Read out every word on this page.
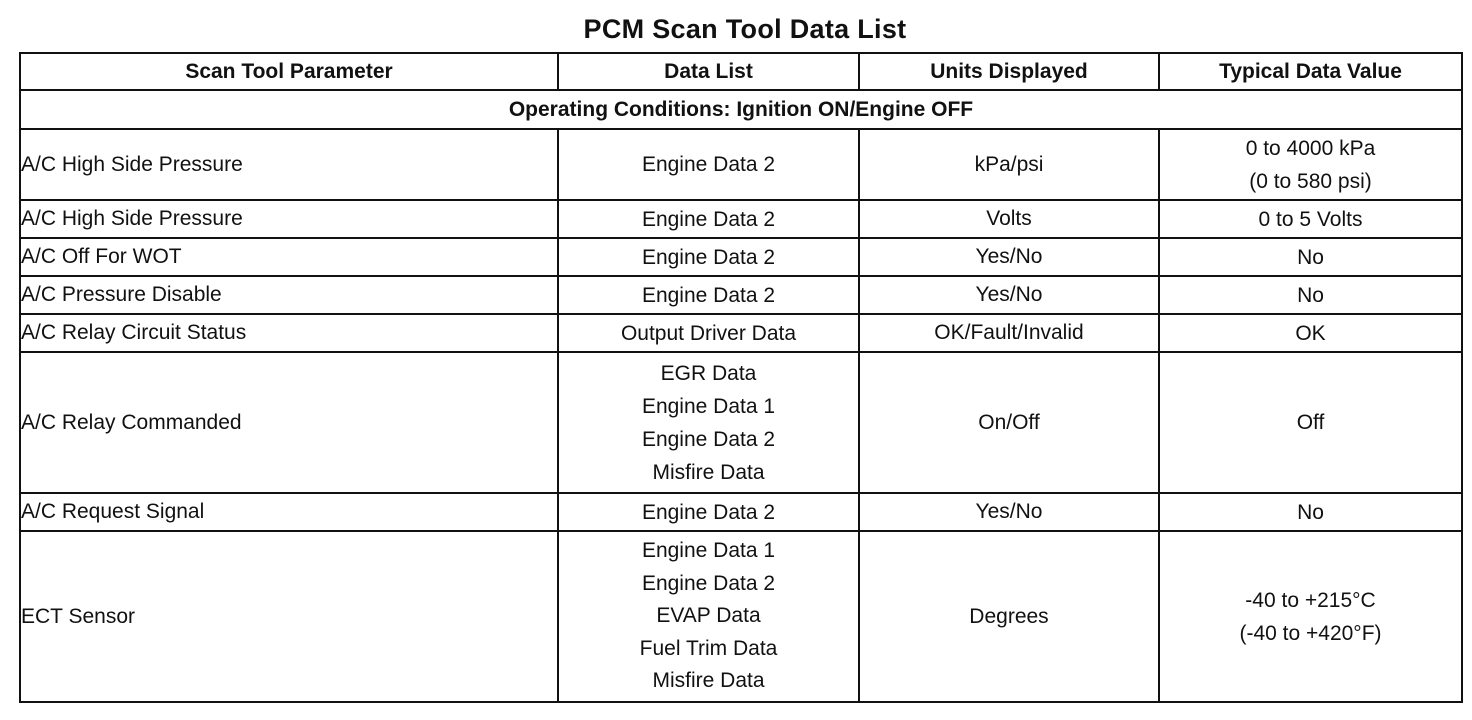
PCM Scan Tool Data List
Scan Tool Parameter	Data List	Units Displayed	Typical Data Value
Operating Conditions: Ignition ON/Engine OFF			
A/C High Side Pressure	Engine Data 2	kPa/psi	0 to 4000 kPa
(0 to 580 psi)

A/C High Side Pressure	Engine Data 2	Volts	0 to 5 Volts

A/C Off For WOT	Engine Data 2	Yes/No	No

A/C Pressure Disable	Engine Data 2	Yes/No	No

A/C Relay Circuit Status	Output Driver Data	OK/Fault/Invalid	OK

A/C Relay Commanded	EGR Data
Engine Data 1
Engine Data 2
Misfire Data	On/Off	Off

A/C Request Signal	Engine Data 2	Yes/No	No

ECT Sensor	Engine Data 1
Engine Data 2
EVAP Data
Fuel Trim Data
Misfire Data	Degrees	-40 to +215°C
(-40 to +420°F)
